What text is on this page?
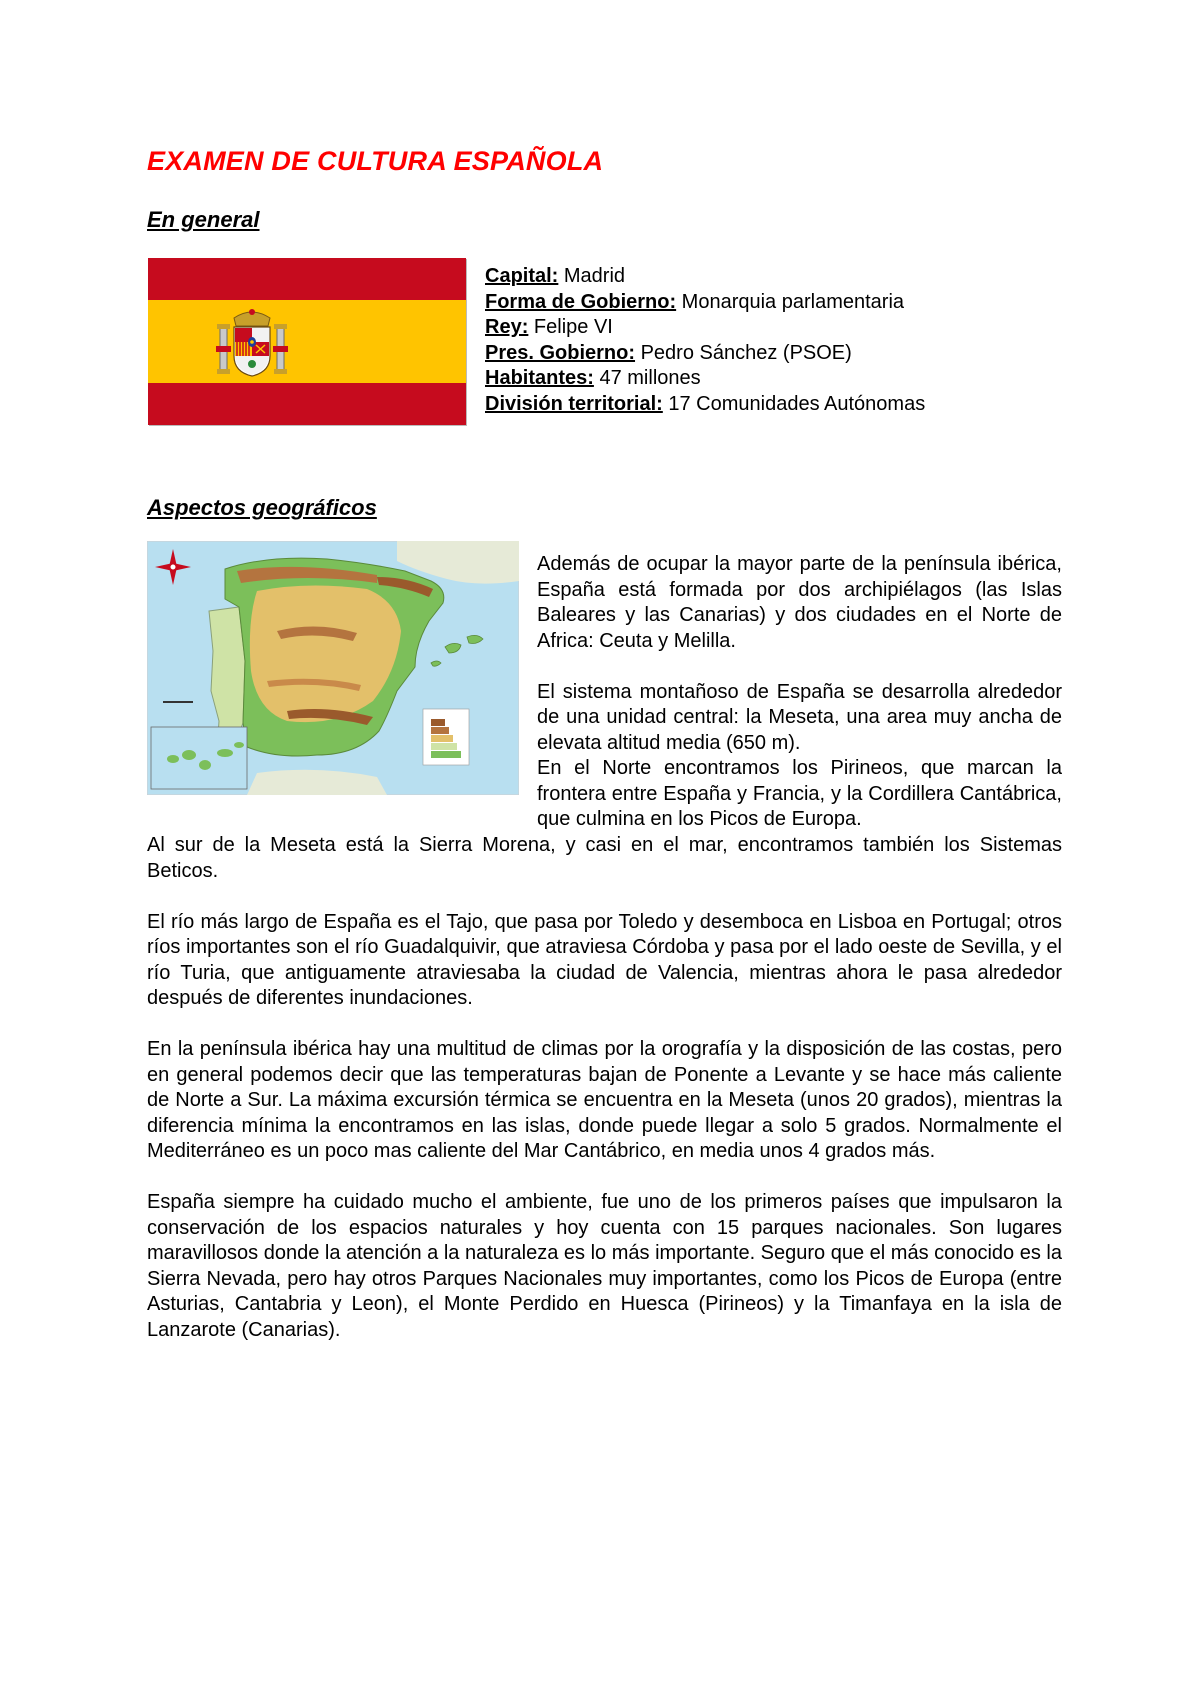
EXAMEN DE CULTURA ESPAÑOLA
En general
Capital: Madrid
Forma de Gobierno: Monarquia parlamentaria
Rey: Felipe VI
Pres. Gobierno: Pedro Sánchez (PSOE)
Habitantes: 47 millones
División territorial: 17 Comunidades Autónomas
Aspectos geográficos

Además de ocupar la mayor parte de la península ibérica, España está formada por dos archipiélagos (las Islas Baleares y las Canarias) y dos ciudades en el Norte de Africa: Ceuta y Melilla.

El sistema montañoso de España se desarrolla alrededor de una unidad central: la Meseta, una area muy ancha de elevata altitud media (650 m).

En el Norte encontramos los Pirineos, que marcan la frontera entre España y Francia, y la Cordillera Cantábrica, que culmina en los Picos de Europa.

Al sur de la Meseta está la Sierra Morena, y casi en el mar, encontramos también los Sistemas Beticos.

El río más largo de España es el Tajo, que pasa por Toledo y desemboca en Lisboa en Portugal; otros ríos importantes son el río Guadalquivir, que atraviesa Córdoba y pasa por el lado oeste de Sevilla, y el río Turia, que antiguamente atraviesaba la ciudad de Valencia, mientras ahora le pasa alrededor después de diferentes inundaciones.

En la península ibérica hay una multitud de climas por la orografía y la disposición de las costas, pero en general podemos decir que las temperaturas bajan de Ponente a Levante y se hace más caliente de Norte a Sur. La máxima excursión térmica se encuentra en la Meseta (unos 20 grados), mientras la diferencia mínima la encontramos en las islas, donde puede llegar a solo 5 grados. Normalmente el Mediterráneo es un poco mas caliente del Mar Cantábrico, en media unos 4 grados más.

España siempre ha cuidado mucho el ambiente, fue uno de los primeros países que impulsaron la conservación de los espacios naturales y hoy cuenta con 15 parques nacionales. Son lugares maravillosos donde la atención a la naturaleza es lo más importante. Seguro que el más conocido es la Sierra Nevada, pero hay otros Parques Nacionales muy importantes, como los Picos de Europa (entre Asturias, Cantabria y Leon), el Monte Perdido en Huesca (Pirineos) y la Timanfaya en la isla de Lanzarote (Canarias).
